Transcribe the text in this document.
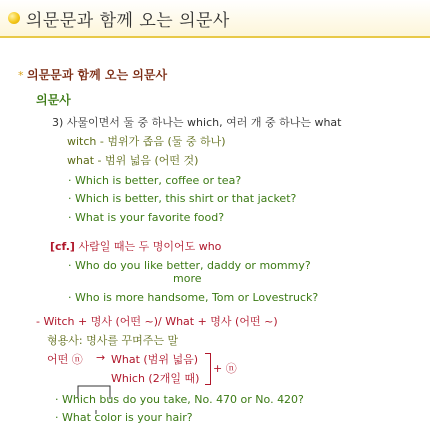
의문문과 함께 오는 의문사
* 의문문과 함께 오는 의문사
의문사
3) 사물이면서 둘 중 하나는 which, 여러 개 중 하나는 what
witch - 범위가 좁음 (둘 중 하나)
what - 범위 넓음 (어떤 것)
· Which is better, coffee or tea?
· Which is better, this shirt or that jacket?
· What is your favorite food?
[cf.] 사람일 때는 두 명이어도 who
· Who do you like better, daddy or mommy?
more
· Who is more handsome, Tom or Lovestruck?
- Witch + 명사 (어떤 ~)/ What + 명사 (어떤 ~)
형용사: 명사를 꾸며주는 말
어떤 ⓝ → What (범위 넓음)
Which (2개일 때)
+ ⓝ
· Which bus do you take, No. 470 or No. 420?
· What color is your hair?
